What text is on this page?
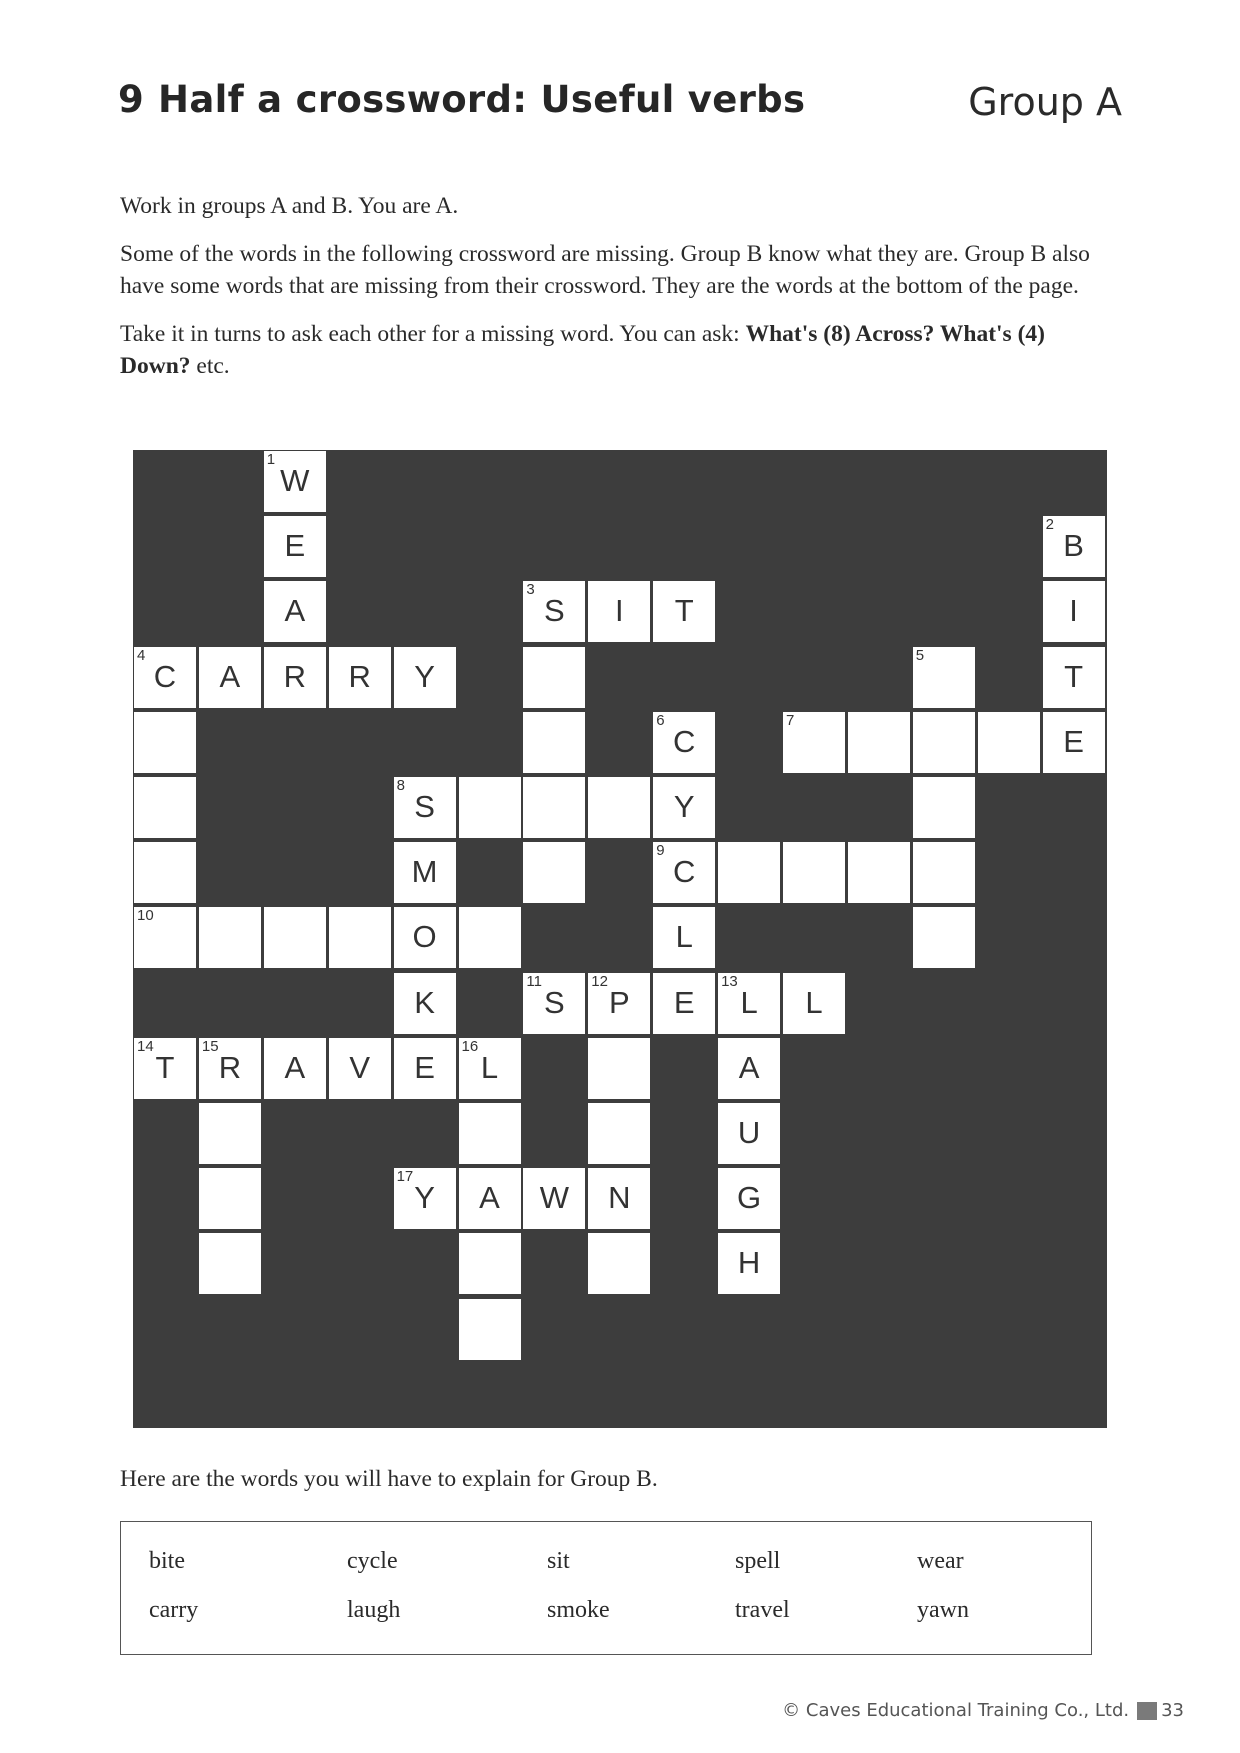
9 Half a crossword: Useful verbs	Group A

Work in groups A and B. You are A.

Some of the words in the following crossword are missing. Group B know what they are. Group B also have some words that are missing from their crossword. They are the words at the bottom of the page.

Take it in turns to ask each other for a missing word. You can ask: What's (8) Across? What's (4) Down? etc.

1
W
E
A
R
2
B
I
T
E
3
S	I	T
4
C	A	R	Y
5
6
C
Y
9
C
L
E
7
8
S
M
O
K
E
10
11
S
12
P
13
L	L
N
A
U
G
H
14
T
15
R	A	V
16
L
A
17
Y	W
Here are the words you will have to explain for Group B.
bite	cycle	sit	spell	wear
carry	laugh	smoke	travel	yawn
© Caves Educational Training Co., Ltd. 33
